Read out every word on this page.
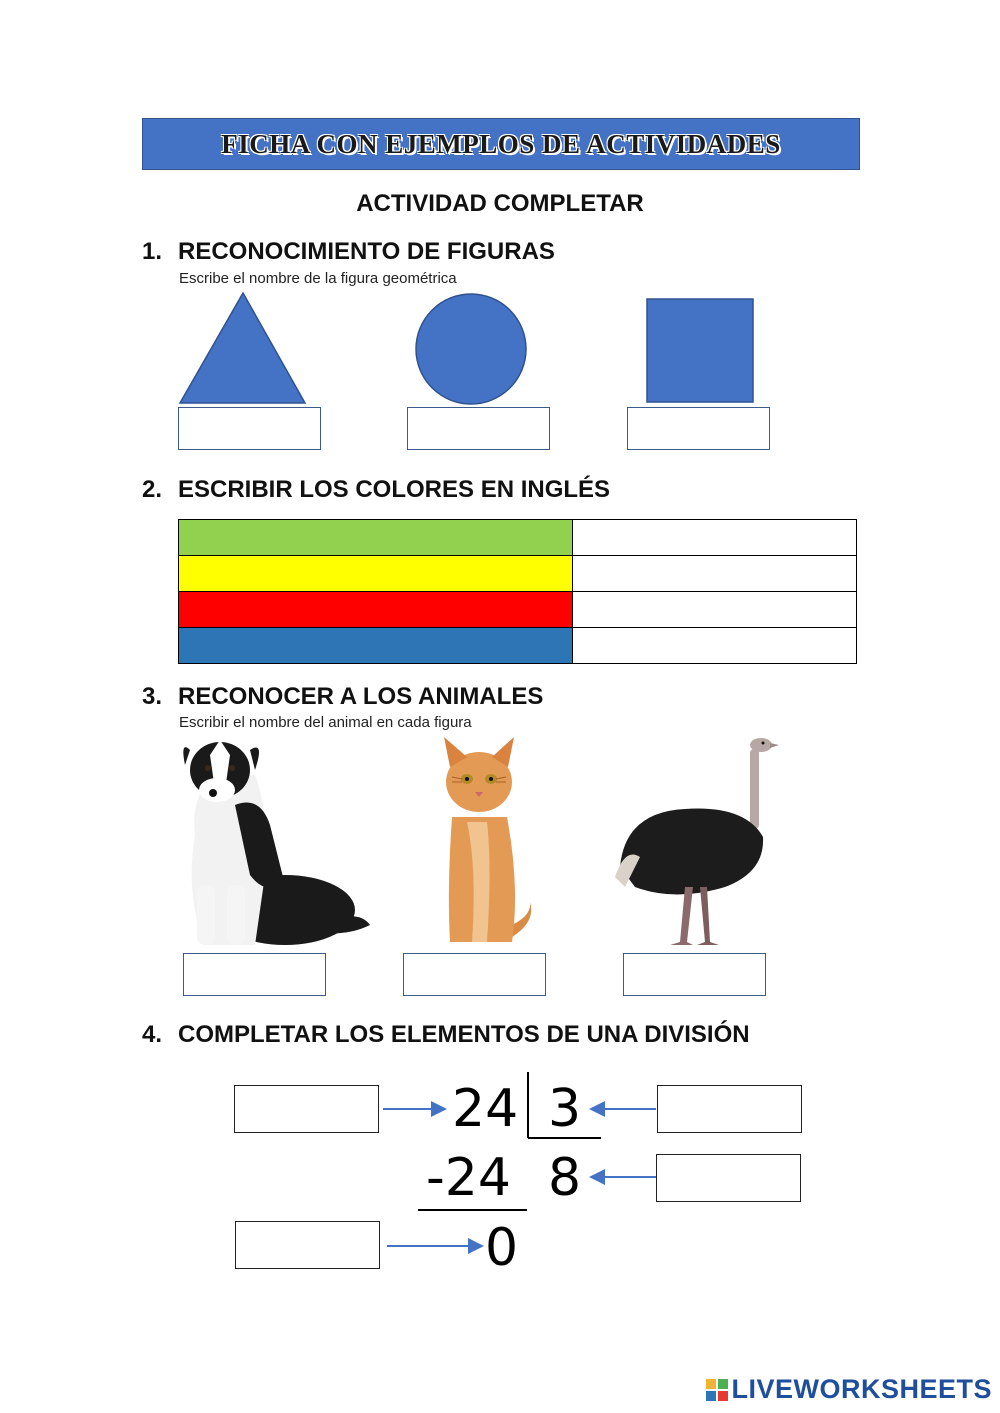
FICHA CON EJEMPLOS DE ACTIVIDADES
ACTIVIDAD COMPLETAR
1. RECONOCIMIENTO DE FIGURAS
Escribe el nombre de la figura geométrica
2. ESCRIBIR LOS COLORES EN INGLÉS

3. RECONOCER A LOS ANIMALES
Escribir el nombre del animal en cada figura
4. COMPLETAR LOS ELEMENTOS DE UNA DIVISIÓN
24 3
-24 8
0
LIVEWORKSHEETS
